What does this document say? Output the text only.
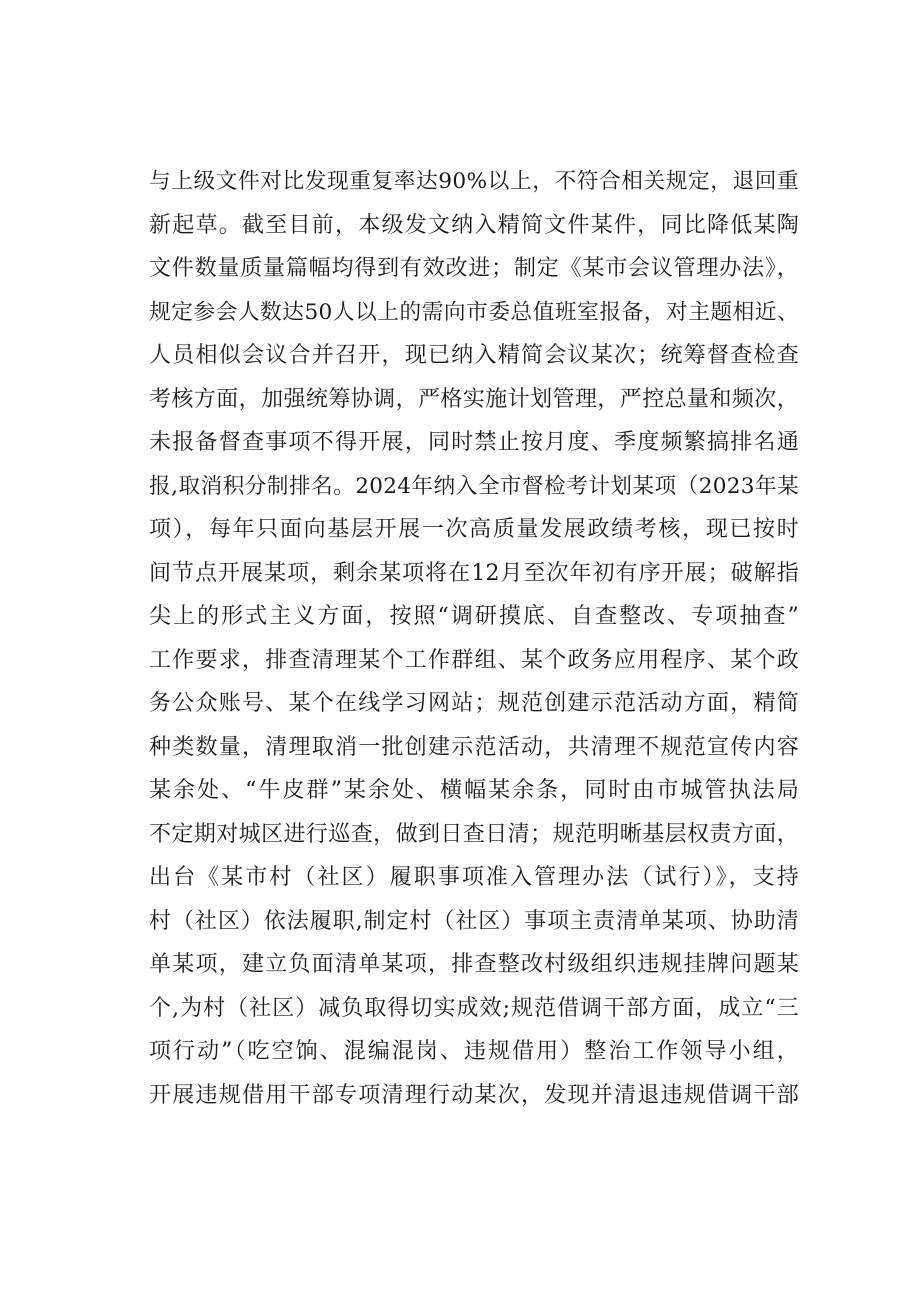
与上级文件对比发现重复率达90%以上，不符合相关规定，退回重
新起草。截至目前，本级发文纳入精简文件某件，同比降低某陶
文件数量质量篇幅均得到有效改进；制定《某市会议管理办法》，
规定参会人数达50人以上的需向市委总值班室报备，对主题相近、
人员相似会议合并召开，现已纳入精简会议某次；统筹督查检查
考核方面，加强统筹协调，严格实施计划管理，严控总量和频次，
未报备督查事项不得开展，同时禁止按月度、季度频繁搞排名通
报,取消积分制排名。2024年纳入全市督检考计划某项（2023年某
项），每年只面向基层开展一次高质量发展政绩考核，现已按时
间节点开展某项，剩余某项将在12月至次年初有序开展；破解指
尖上的形式主义方面，按照“调研摸底、自查整改、专项抽查”
工作要求，排查清理某个工作群组、某个政务应用程序、某个政
务公众账号、某个在线学习网站；规范创建示范活动方面，精简
种类数量，清理取消一批创建示范活动，共清理不规范宣传内容
某余处、“牛皮群”某余处、横幅某余条，同时由市城管执法局
不定期对城区进行巡查，做到日查日清；规范明晰基层权责方面，
出台《某市村（社区）履职事项准入管理办法（试行）》，支持
村（社区）依法履职,制定村（社区）事项主责清单某项、协助清
单某项，建立负面清单某项，排查整改村级组织违规挂牌问题某
个,为村（社区）减负取得切实成效;规范借调干部方面，成立“三
项行动”（吃空饷、混编混岗、违规借用）整治工作领导小组，
开展违规借用干部专项清理行动某次，发现并清退违规借调干部
